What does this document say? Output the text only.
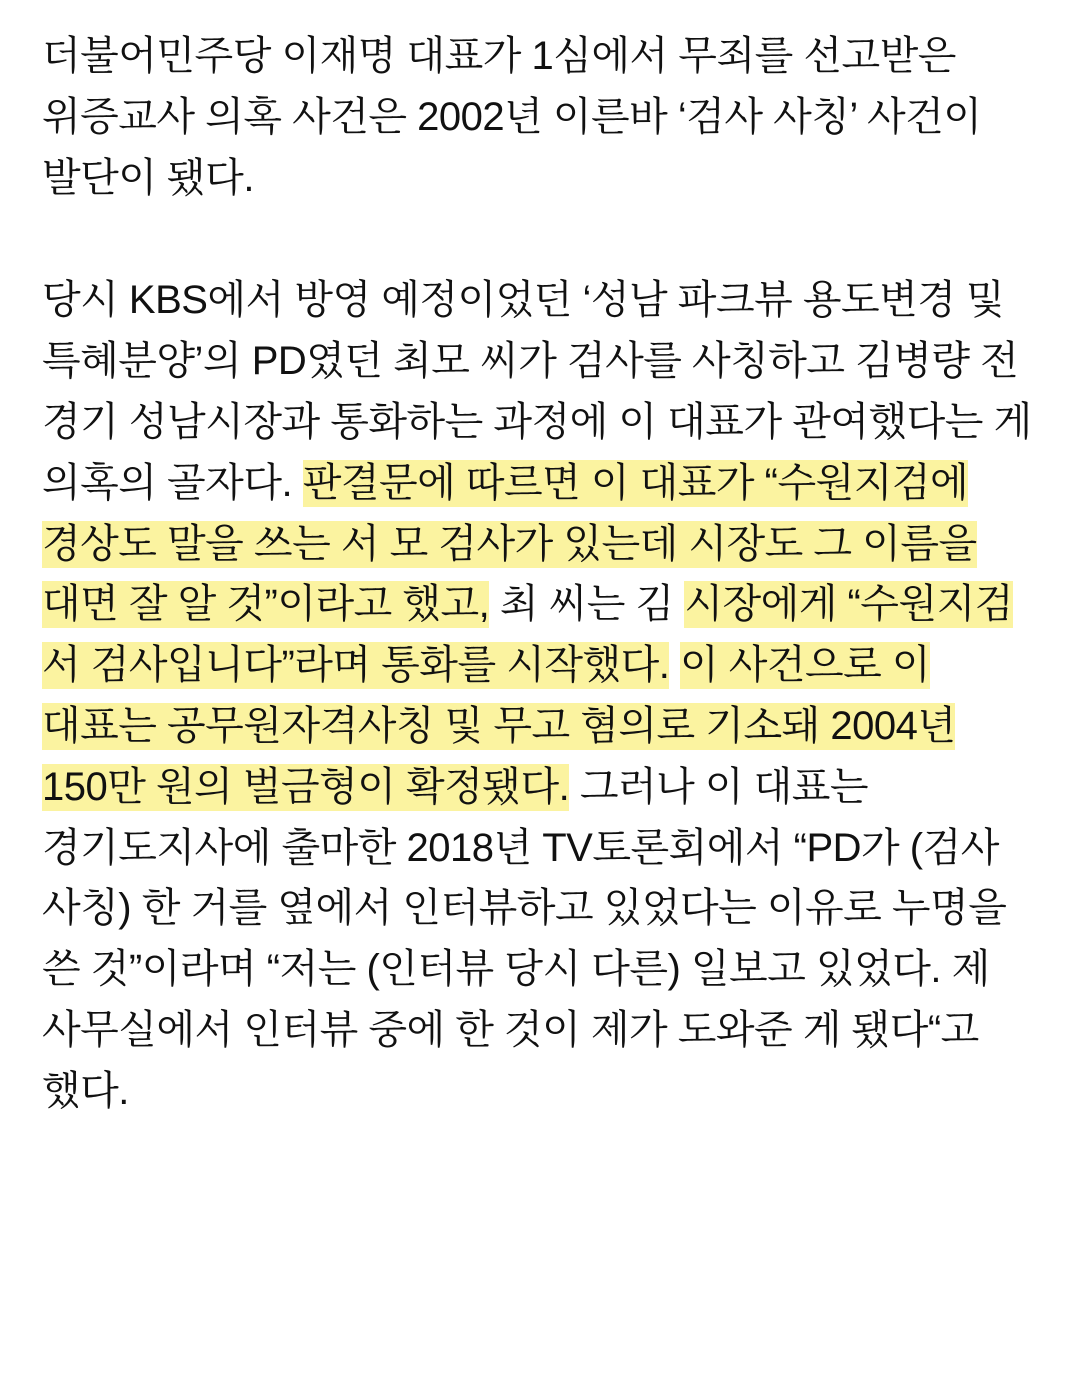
더불어민주당 이재명 대표가 1심에서 무죄를 선고받은 위증교사 의혹 사건은 2002년 이른바 ‘검사 사칭’ 사건이 발단이 됐다.

당시 KBS에서 방영 예정이었던 ‘성남 파크뷰 용도변경 및 특혜분양’의 PD였던 최모 씨가 검사를 사칭하고 김병량 전 경기 성남시장과 통화하는 과정에 이 대표가 관여했다는 게 의혹의 골자다. 판결문에 따르면 이 대표가 “수원지검에 경상도 말을 쓰는 서 모 검사가 있는데 시장도 그 이름을 대면 잘 알 것”이라고 했고, 최 씨는 김 시장에게 “수원지검 서 검사입니다”라며 통화를 시작했다. 이 사건으로 이 대표는 공무원자격사칭 및 무고 혐의로 기소돼 2004년 150만 원의 벌금형이 확정됐다. 그러나 이 대표는 경기도지사에 출마한 2018년 TV토론회에서 “PD가 (검사 사칭) 한 거를 옆에서 인터뷰하고 있었다는 이유로 누명을 쓴 것”이라며 “저는 (인터뷰 당시 다른) 일보고 있었다. 제 사무실에서 인터뷰 중에 한 것이 제가 도와준 게 됐다“고 했다.
